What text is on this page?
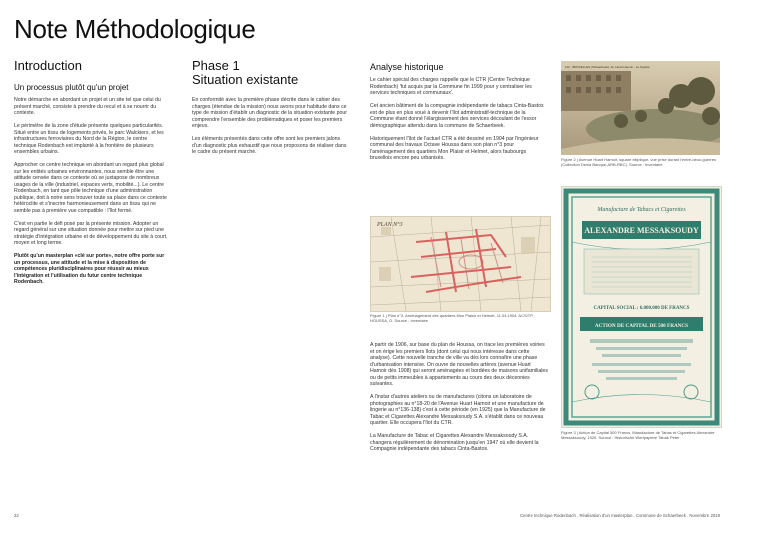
Note Méthodologique
Introduction
Un processus plutôt qu'un projet

Notre démarche en abordant un projet et un site tel que celui du présent marché, consiste à prendre du recul et à se nourrir du contexte.

Le périmètre de la zone d'étude présente quelques particularités. Situé entre un tissu de logements privés, le parc Walckiers, et les infrastructures ferroviaires du Nord de la Région, le centre technique Rodenbach est implanté à la frontière de plusieurs ensembles urbains.

Approcher ce centre technique en abordant un regard plus global sur les entités urbaines environnantes, nous semble être une attitude censée dans ce contexte où se juxtapose de nombreux usages de la ville (industriel, espaces verts, mobilité...). Le centre Rodenbach, en tant que pôle technique d'une administration publique, doit à notre sens trouver toute sa place dans ce contexte hétéroclite et s'inscrire harmonieusement dans un tissu qui ne semble pas à première vue compatible : l'îlot fermé.

C'est en partie le défi posé par la présente mission. Adopter un regard général sur une situation donnée pour mettre sur pied une stratégie d'intégration urbaine et de développement du site à court, moyen et long terme.

Plutôt qu'un masterplan «clé sur porte», notre offre porte sur un processus, une attitude et la mise à disposition de compétences pluridisciplinaires pour réussir au mieux l'intégration et l'utilisation du futur centre technique Rodenbach.

Phase 1
Situation existante

En conformité avec la première phase décrite dans le cahier des charges (étendue de la mission) nous avons pour habitude dans ce type de mission d'établir un diagnostic de la situation existante pour comprendre l'ensemble des problématiques et poser les premiers enjeux.

Les éléments présentés dans cette offre sont les premiers jalons d'un diagnostic plus exhaustif que nous proposons de réaliser dans le cadre du présent marché.

Analyse historique

Le cahier spécial des charges rappelle que le CTR (Centre Technique Rodenbach) 'fut acquis par la Commune fin 1999 pour y centraliser les services techniques et communaux'.

Cet ancien bâtiment de la compagnie indépendante de tabacs Cinta-Bastos est de plus en plus voué à devenir l'îlot administratif-technique de la Commune étant donné l'élargissement des services découlant de l'essor démographique attendu dans la commune de Schaerbeek.

Historiquement l'îlot de l'actuel CTR a été dessiné en 1904 par l'ingénieur communal des travaux Octave Houssa dans son plan n°3 pour l'aménagement des quartiers Mon Plaisir et Helmet, alors faubourgs bruxellois encore peu urbanisés.

PLAN N°3
Figure 1 | Plan n°3. Aménagement des quartiers Mon Plaisir et Helmet, 11.04.1904. ACS/TP, HOUSSA, O. Source : Inventaire

A partir de 1906, sur base du plan de Houssa, on trace les premières voiries et on érige les premiers îlots (dont celui qui nous intéresse dans cette analyse). Cette nouvelle tranche de ville va dès lors connaître une phase d'urbanisation intensive. On ouvre de nouvelles artères (avenue Huart Hamoir dès 1908) qui seront aménagées et bordées de maisons unifamiliales ou de petits immeubles à appartements au cours des deux décennies suivantes.

A l'instar d'autres ateliers ou de manufactures (citons un laboratoire de photographies au n°18-20 de l'Avenue Huart Hamoir et une manufacture de lingerie au n°136-138) c'est à cette période (en 1925) que la Manufacture de Tabac et Cigarettes Alexandre Messaksoudy S.A. s'établit dans ce nouveau quartier. Elle occupera l'îlot du CTR.

La Manufacture de Tabac et Cigarettes Alexandre Messaksoudy S.A. changera régulièrement de dénomination jusqu'en 1947 où elle devient la Compagnie indépendante des tabacs Cinta-Bastos.

112 - BRUXELLES (Schaerbeek). Av. Huart Hamoir - Le Square
Figure 2 | Avenue Huart Hamoir, square elliptique, vue prise durant l'entre-deux-guerres (Collection Dexia Banque-ARB-RBC). Source : Inventaire
Manufacture de Tabacs et Cigarettes
ALEXANDRE MESSAKSOUDY
CAPITAL SOCIAL : 6.000.000 DE FRANCS
ACTION DE CAPITAL DE 500 FRANCS
Figure 3 | Action de Capital 500 Francs. Manufacture de Tabac et Cigarettes Alexandre Messaksoudy, 1920. Source : Historische Wertpapiere Tabak Peter
22	Centre technique Rodenbach . Réalisation d'un masterplan . Commune de Schaerbeek . Novembre 2019
